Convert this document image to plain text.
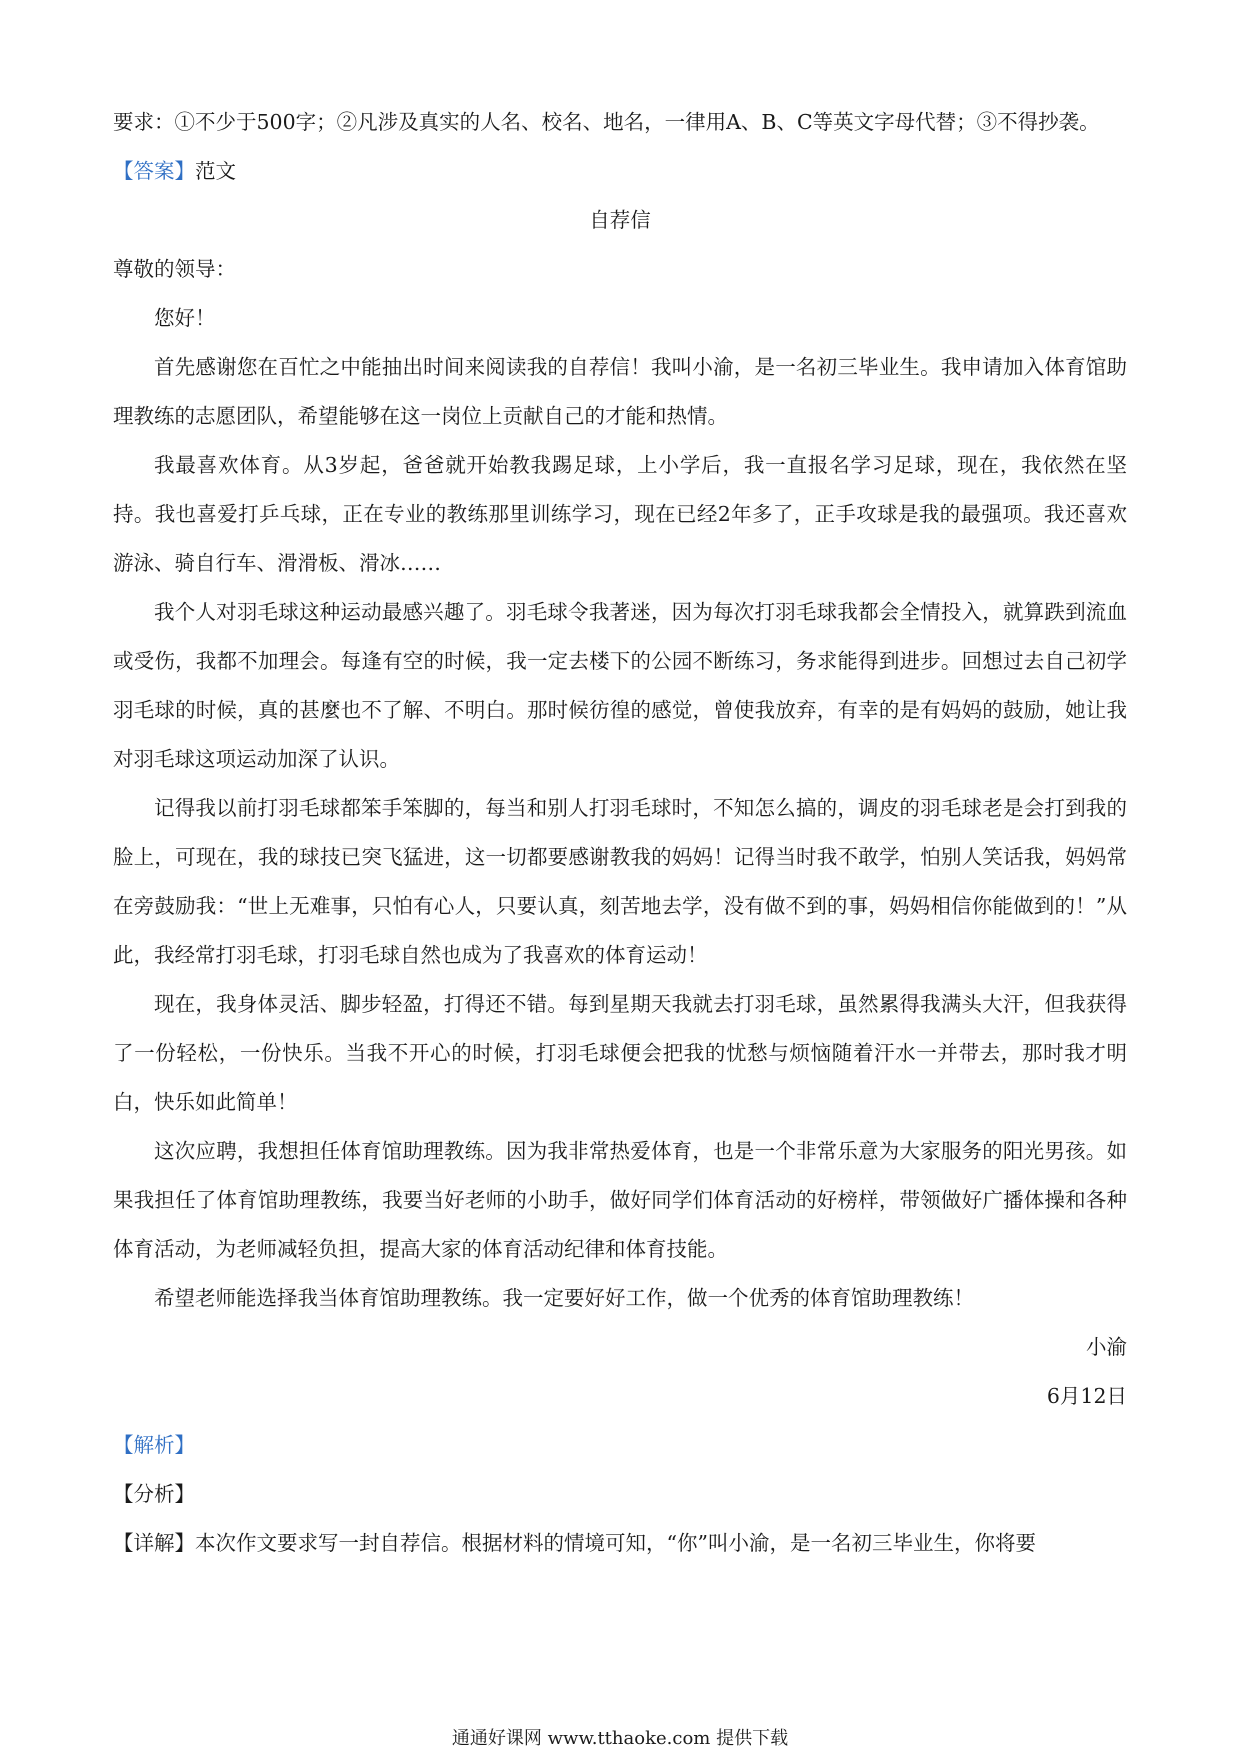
要求：①不少于500字；②凡涉及真实的人名、校名、地名，一律用A、B、C等英文字母代替；③不得抄袭。

【答案】范文

自荐信

尊敬的领导：

您好！

首先感谢您在百忙之中能抽出时间来阅读我的自荐信！我叫小渝，是一名初三毕业生。我申请加入体育馆助理教练的志愿团队，希望能够在这一岗位上贡献自己的才能和热情。

我最喜欢体育。从3岁起，爸爸就开始教我踢足球，上小学后，我一直报名学习足球，现在，我依然在坚持。我也喜爱打乒乓球，正在专业的教练那里训练学习，现在已经2年多了，正手攻球是我的最强项。我还喜欢游泳、骑自行车、滑滑板、滑冰……

我个人对羽毛球这种运动最感兴趣了。羽毛球令我著迷，因为每次打羽毛球我都会全情投入，就算跌到流血或受伤，我都不加理会。每逢有空的时候，我一定去楼下的公园不断练习，务求能得到进步。回想过去自己初学羽毛球的时候，真的甚麼也不了解、不明白。那时候彷徨的感觉，曾使我放弃，有幸的是有妈妈的鼓励，她让我对羽毛球这项运动加深了认识。

记得我以前打羽毛球都笨手笨脚的，每当和别人打羽毛球时，不知怎么搞的，调皮的羽毛球老是会打到我的脸上，可现在，我的球技已突飞猛进，这一切都要感谢教我的妈妈！记得当时我不敢学，怕别人笑话我，妈妈常在旁鼓励我：“世上无难事，只怕有心人，只要认真，刻苦地去学，没有做不到的事，妈妈相信你能做到的！”从此，我经常打羽毛球，打羽毛球自然也成为了我喜欢的体育运动！

现在，我身体灵活、脚步轻盈，打得还不错。每到星期天我就去打羽毛球，虽然累得我满头大汗，但我获得了一份轻松，一份快乐。当我不开心的时候，打羽毛球便会把我的忧愁与烦恼随着汗水一并带去，那时我才明白，快乐如此简单！

这次应聘，我想担任体育馆助理教练。因为我非常热爱体育，也是一个非常乐意为大家服务的阳光男孩。如果我担任了体育馆助理教练，我要当好老师的小助手，做好同学们体育活动的好榜样，带领做好广播体操和各种体育活动，为老师减轻负担，提高大家的体育活动纪律和体育技能。

希望老师能选择我当体育馆助理教练。我一定要好好工作，做一个优秀的体育馆助理教练！

小渝

6月12日

【解析】

【分析】

【详解】本次作文要求写一封自荐信。根据材料的情境可知，“你”叫小渝，是一名初三毕业生，你将要

通通好课网 www.tthaoke.com 提供下载
